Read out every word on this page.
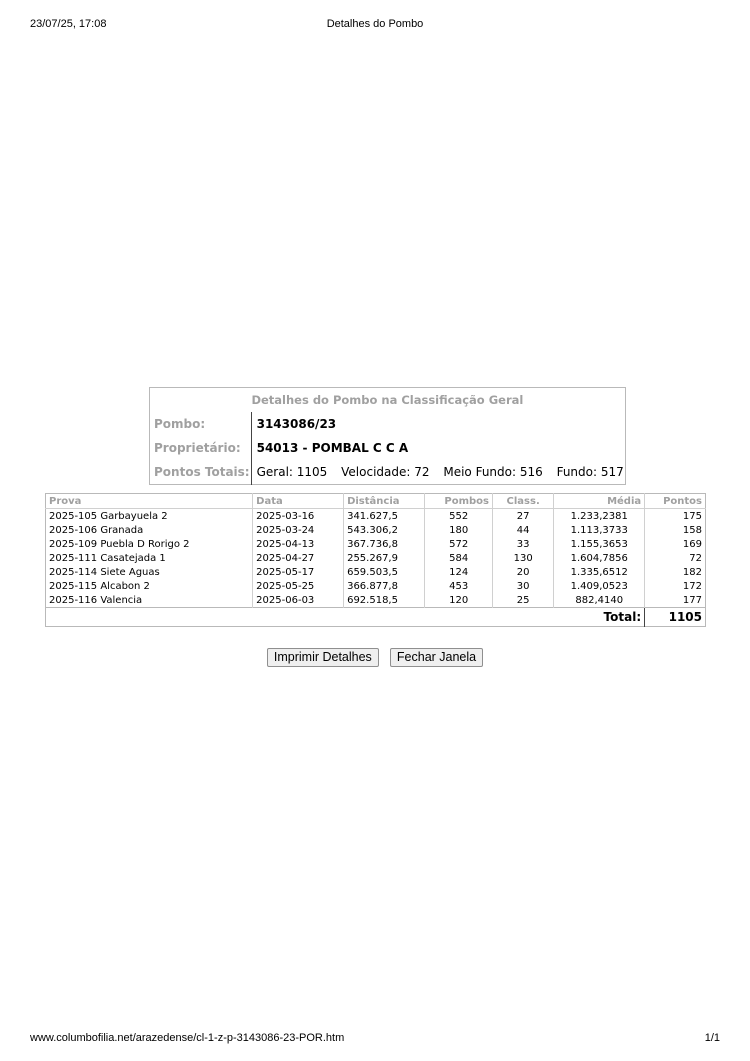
23/07/25, 17:08	Detalhes do Pombo
Detalhes do Pombo na Classificação Geral	
Pombo:	3143086/23
Proprietário:	54013 - POMBAL C C A
Pontos Totais:	Geral: 1105 Velocidade: 72 Meio Fundo: 516 Fundo: 517
Prova	Data	Distância	Pombos	Class.	Média	Pontos
2025-105 Garbayuela 2	2025-03-16	341.627,5	552	27	1.233,2381	175
2025-106 Granada	2025-03-24	543.306,2	180	44	1.113,3733	158
2025-109 Puebla D Rorigo 2	2025-04-13	367.736,8	572	33	1.155,3653	169
2025-111 Casatejada 1	2025-04-27	255.267,9	584	130	1.604,7856	72
2025-114 Siete Aguas	2025-05-17	659.503,5	124	20	1.335,6512	182
2025-115 Alcabon 2	2025-05-25	366.877,8	453	30	1.409,0523	172
2025-116 Valencia	2025-06-03	692.518,5	120	25	882,4140	177
Total:						1105
Imprimir Detalhes Fechar Janela
www.columbofilia.net/arazedense/cl-1-z-p-3143086-23-POR.htm	1/1
